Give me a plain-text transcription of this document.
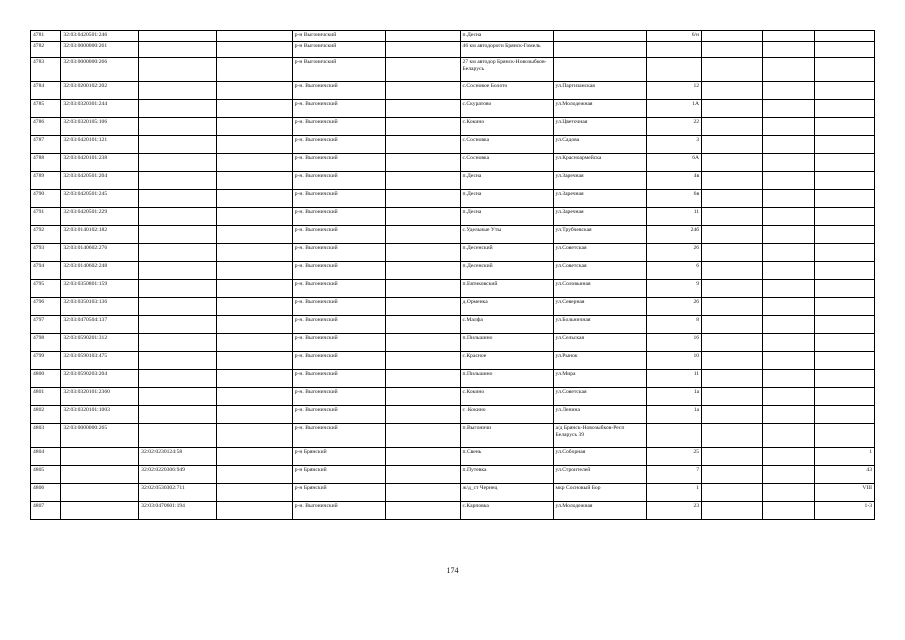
4781	32:03:0420501:246			р-н Выгоничский		п.Десна		6/н			
4782	32:03:0000000:261			р-н Выгоничский		46 км автодороги Брянск-Гомель					
4783	32:03:0000000:266			р-н Выгоничский		27 км автодор Брянск-Новозыбков-Беларусь					
4784	32:03:0200102:202			р-н. Выгоничский		с.Сосновое Болото	ул.Партизанская	12			
4785	32:03:0320301:244			р-н. Выгоничский		с.Скуратово	ул.Молодежная	1А			
4786	32:03:0320105:106			р-н. Выгоничский		с.Кокино	ул.Цветочная	22			
4787	32:03:0420101:121			р-н. Выгоничский		с.Сосновка	ул.Садова	3			
4788	32:03:0420101:238			р-н. Выгоничский		с.Сосновка	ул.Красноармейска	6А			
4789	32:03:0420501:204			р-н. Выгоничский		п.Десна	ул.Заречная	4в			
4790	32:03:0420501:245			р-н. Выгоничский		п.Десна	ул.Заречная	6в			
4791	32:03:0420501:229			р-н. Выгоничский		п.Десна	ул.Заречная	11			
4792	32:03:0140102:182			р-н. Выгоничский		с.Удельные Уты	ул.Трубчевская	24б			
4793	32:03:0140602:276			р-н. Выгоничский		п.Десенский	ул.Советская	26			
4794	32:03:0140602:248			р-н. Выгоничский		п.Десенский	ул.Советская	6			
4795	32:03:0350801:159			р-н. Выгоничский		п.Евтиковский	ул.Соловьиная	9			
4796	32:03:0350103:136			р-н. Выгоничский		д.Орменка	ул.Северная	26			
4797	32:03:0470504:137			р-н. Выгоничский		с.Малфа	ул.Больничная	8			
4798	32:03:0590201:312			р-н. Выгоничский		п.Пильшино	ул.Сельская	16			
4799	32:03:0590103:475			р-н. Выгоничский		с.Красное	ул.Рынок	10			
4800	32:03:0590203:204			р-н. Выгоничский		п.Пильшино	ул.Мира	11			
4801	32:03:0320101:2360			р-н. Выгоничский		с.Кокино	ул.Советская	1а			
4802	32:03:0320101:1003			р-н. Выгоничский		с .Кокино	ул.Ленина	1а			
4803	32:03:0000000:265			р-н. Выгоничский		п.Выгоничи	а/д Брянск-Новозыбков-Респ Беларусь 39				
4804		32:02:0230124:58		р-н Брянский		п.Свень	ул.Соборная	25			1
4805		32:02:0220306:949		р-н Брянский		п.Путевка	ул.Строителей	7			43
4806		32:02:0530302:711		р-н Брянский		ж/д_ст Чернец	мкр Сосновый Бор	1			VIII
4807		32:03:0470601:194		р-н. Выгоничский		с.Карповка	ул.Молодежная	23			1-3
174
